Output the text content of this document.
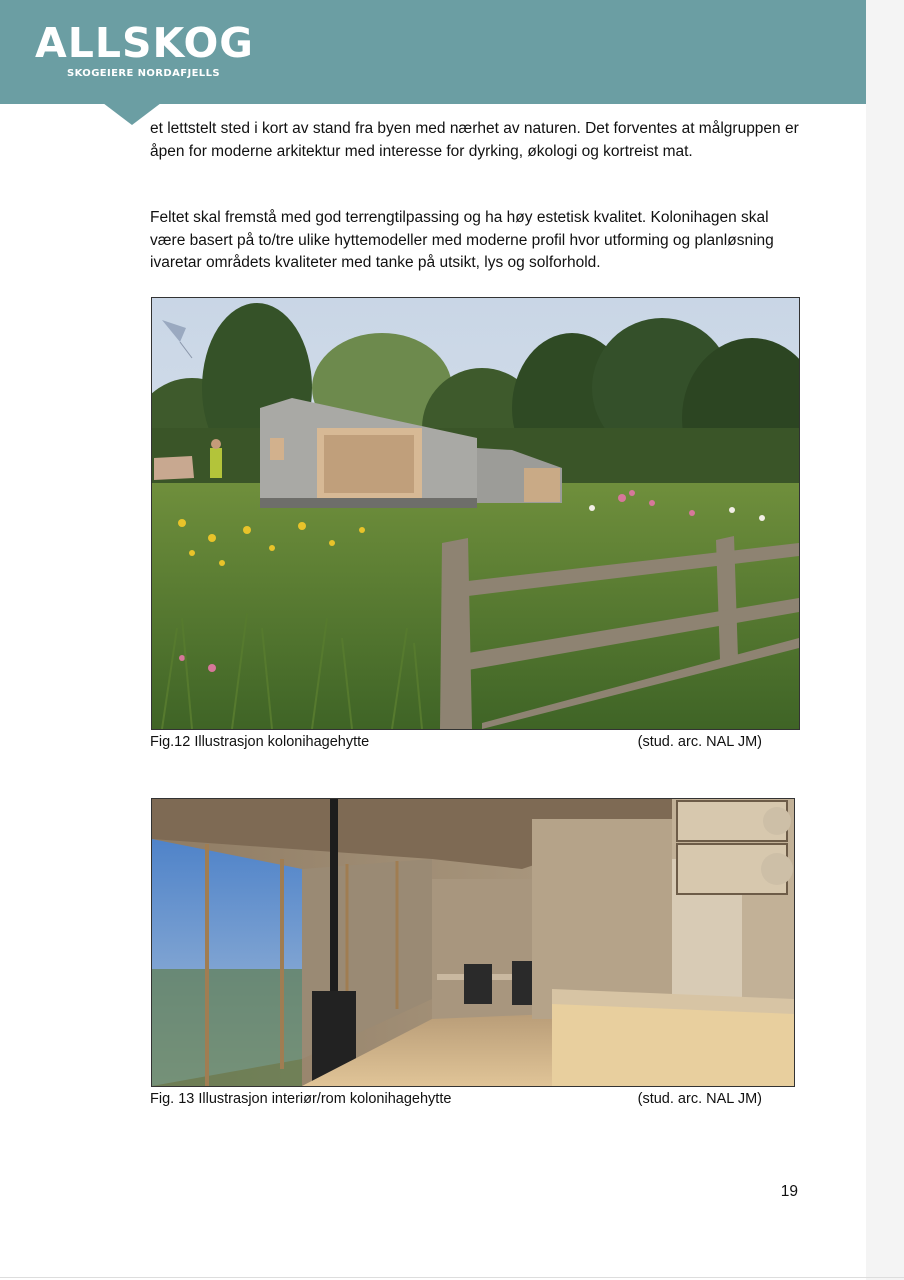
ALLSKOG
SKOGEIERE NORDAFJELLS

et lettstelt sted i kort av stand fra byen med nærhet av naturen. Det forventes at målgruppen er åpen for moderne arkitektur med interesse for dyrking, økologi og kortreist mat.

Feltet skal fremstå med god terrengtilpassing og ha høy estetisk kvalitet. Kolonihagen skal være basert på to/tre ulike hyttemodeller med moderne profil hvor utforming og planløsning ivaretar områdets kvaliteter med tanke på utsikt, lys og solforhold.

Fig.12 Illustrasjon kolonihagehytte	(stud. arc. NAL JM)
Fig. 13 Illustrasjon interiør/rom kolonihagehytte	(stud. arc. NAL JM)
19
